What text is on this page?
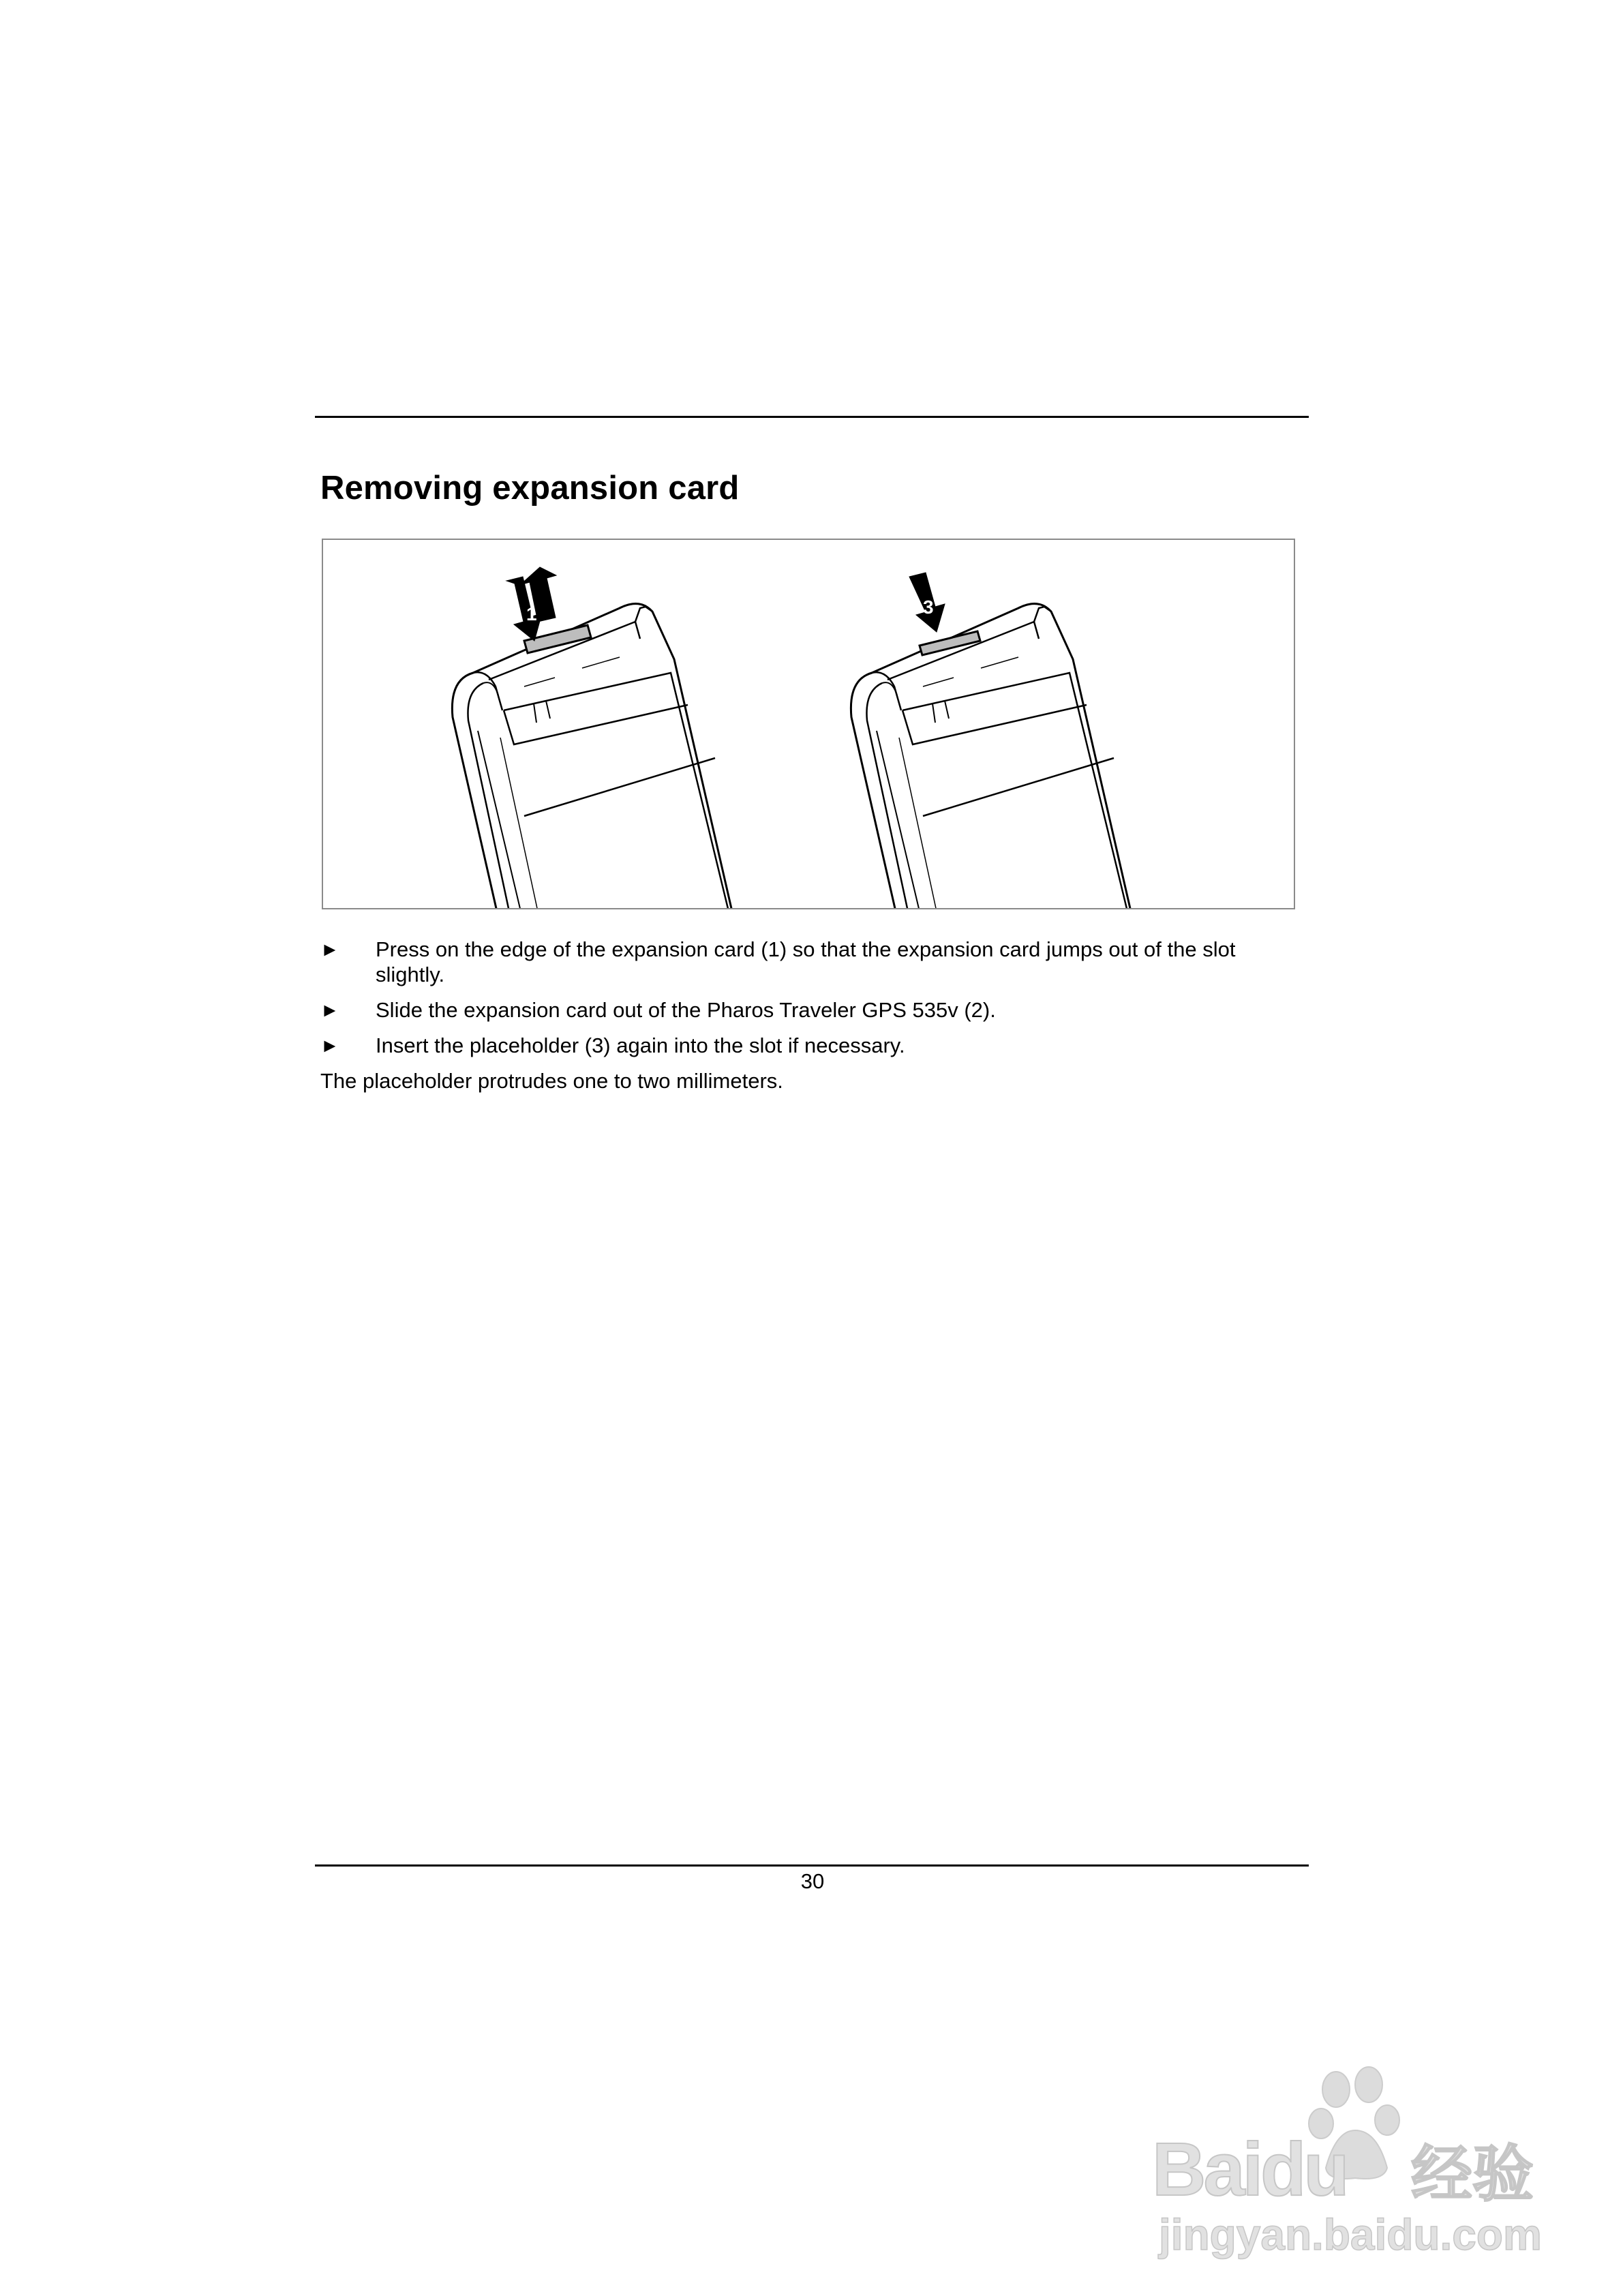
Removing expansion card
1
2
3
► Press on the edge of the expansion card (1) so that the expansion card jumps out of the slot slightly.
► Slide the expansion card out of the Pharos Traveler GPS 535v (2).
► Insert the placeholder (3) again into the slot if necessary.

The placeholder protrudes one to two millimeters.

30
Baidu 经验
jingyan.baidu.com
